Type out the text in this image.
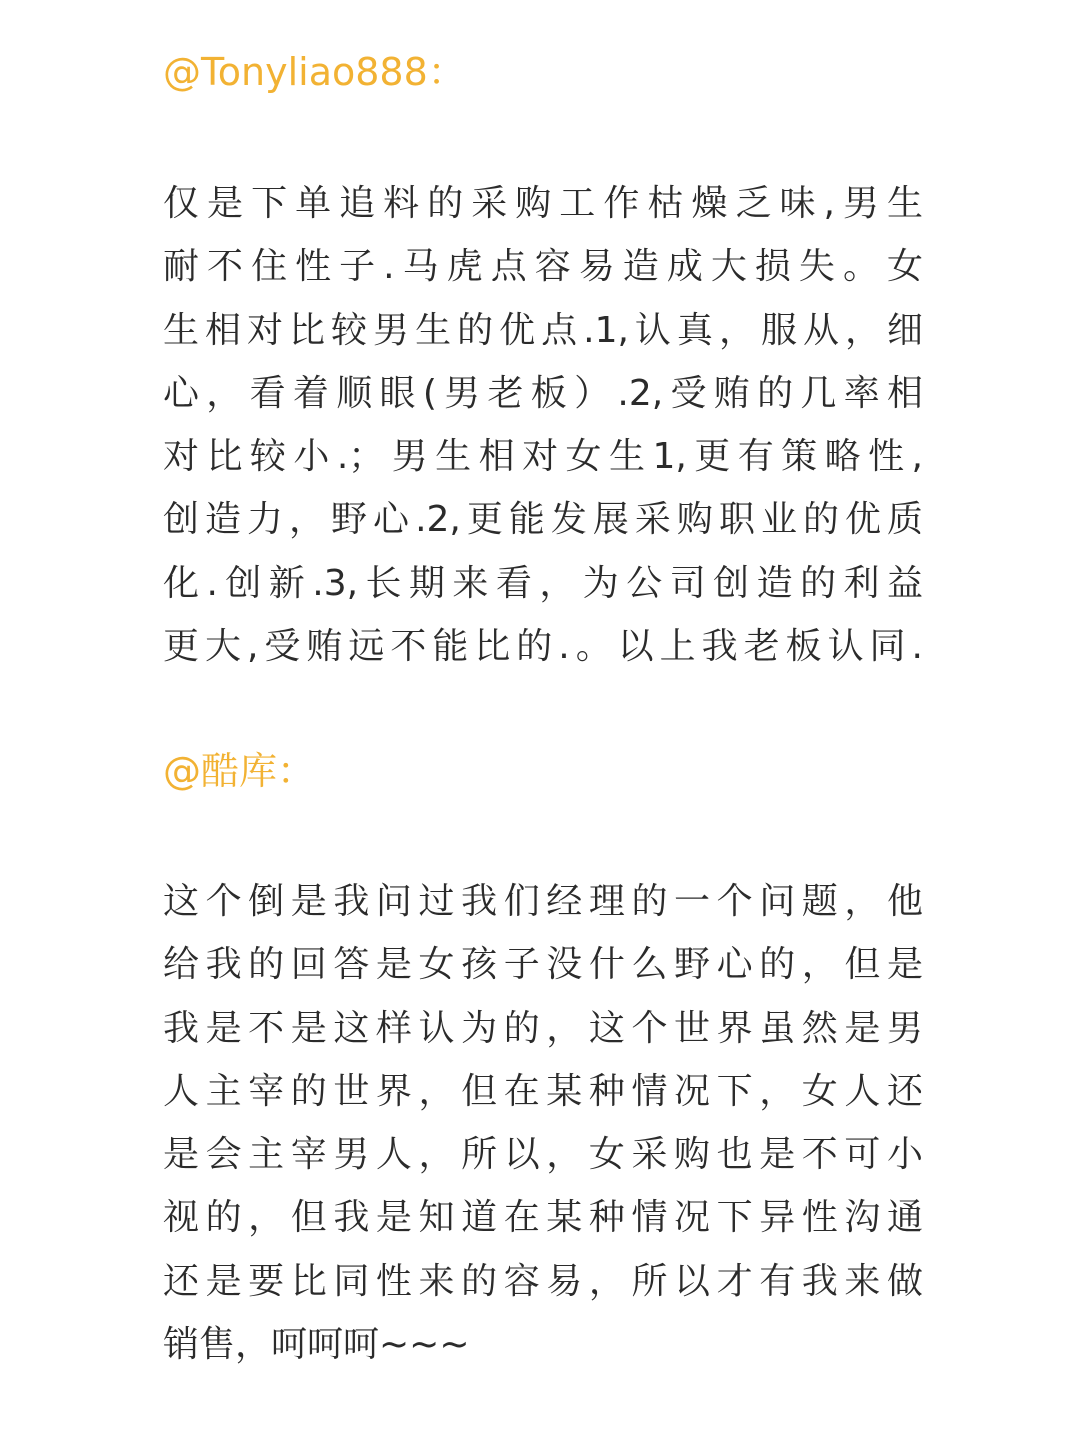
@Tonyliao888：
仅是下单追料的采购工作枯燥乏味,男生
耐不住性子.马虎点容易造成大损失。女
生相对比较男生的优点.1,认真，服从，细
心，看着顺眼(男老板）.2,受贿的几率相
对比较小.；男生相对女生1,更有策略性,
创造力，野心.2,更能发展采购职业的优质
化.创新.3,长期来看，为公司创造的利益
更大,受贿远不能比的.。以上我老板认同.
@酷库：
这个倒是我问过我们经理的一个问题，他
给我的回答是女孩子没什么野心的，但是
我是不是这样认为的，这个世界虽然是男
人主宰的世界，但在某种情况下，女人还
是会主宰男人，所以，女采购也是不可小
视的，但我是知道在某种情况下异性沟通
还是要比同性来的容易，所以才有我来做
销售，呵呵呵~~~
